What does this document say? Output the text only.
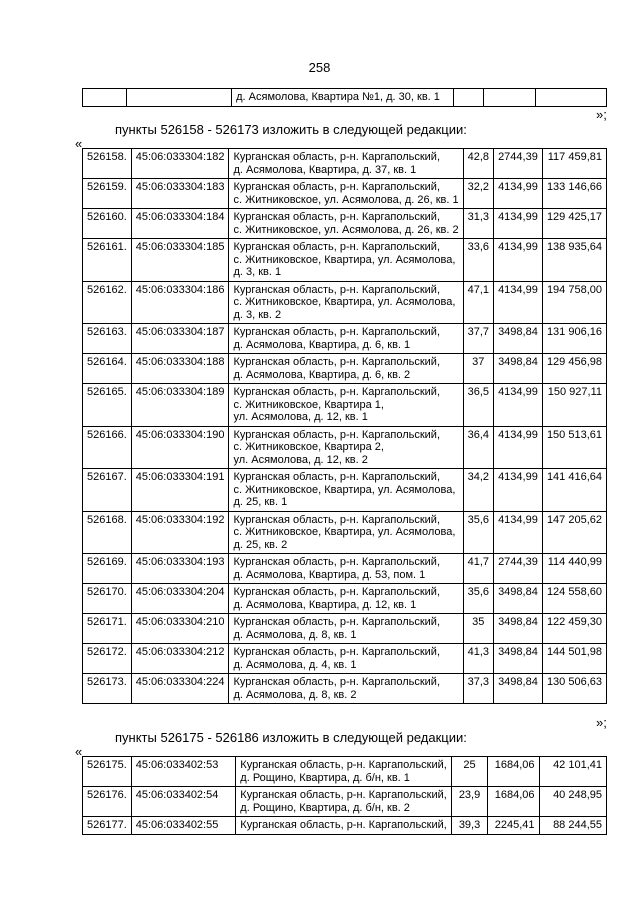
258
		д. Асямолова, Квартира №1, д. 30, кв. 1			
»;
пункты 526158 - 526173 изложить в следующей редакции:
«
526158.	45:06:033304:182	Курганская область, р-н. Каргапольский,
д. Асямолова, Квартира, д. 37, кв. 1	42,8	2744,39	117 459,81
526159.	45:06:033304:183	Курганская область, р-н. Каргапольский,
с. Житниковское, ул. Асямолова, д. 26, кв. 1	32,2	4134,99	133 146,66
526160.	45:06:033304:184	Курганская область, р-н. Каргапольский,
с. Житниковское, ул. Асямолова, д. 26, кв. 2	31,3	4134,99	129 425,17
526161.	45:06:033304:185	Курганская область, р-н. Каргапольский,
с. Житниковское, Квартира, ул. Асямолова,
д. 3, кв. 1	33,6	4134,99	138 935,64
526162.	45:06:033304:186	Курганская область, р-н. Каргапольский,
с. Житниковское, Квартира, ул. Асямолова,
д. 3, кв. 2	47,1	4134,99	194 758,00
526163.	45:06:033304:187	Курганская область, р-н. Каргапольский,
д. Асямолова, Квартира, д. 6, кв. 1	37,7	3498,84	131 906,16
526164.	45:06:033304:188	Курганская область, р-н. Каргапольский,
д. Асямолова, Квартира, д. 6, кв. 2	37	3498,84	129 456,98
526165.	45:06:033304:189	Курганская область, р-н. Каргапольский,
с. Житниковское, Квартира 1,
ул. Асямолова, д. 12, кв. 1	36,5	4134,99	150 927,11
526166.	45:06:033304:190	Курганская область, р-н. Каргапольский,
с. Житниковское, Квартира 2,
ул. Асямолова, д. 12, кв. 2	36,4	4134,99	150 513,61
526167.	45:06:033304:191	Курганская область, р-н. Каргапольский,
с. Житниковское, Квартира, ул. Асямолова,
д. 25, кв. 1	34,2	4134,99	141 416,64
526168.	45:06:033304:192	Курганская область, р-н. Каргапольский,
с. Житниковское, Квартира, ул. Асямолова,
д. 25, кв. 2	35,6	4134,99	147 205,62
526169.	45:06:033304:193	Курганская область, р-н. Каргапольский,
д. Асямолова, Квартира, д. 53, пом. 1	41,7	2744,39	114 440,99
526170.	45:06:033304:204	Курганская область, р-н. Каргапольский,
д. Асямолова, Квартира, д. 12, кв. 1	35,6	3498,84	124 558,60
526171.	45:06:033304:210	Курганская область, р-н. Каргапольский,
д. Асямолова, д. 8, кв. 1	35	3498,84	122 459,30
526172.	45:06:033304:212	Курганская область, р-н. Каргапольский,
д. Асямолова, д. 4, кв. 1	41,3	3498,84	144 501,98
526173.	45:06:033304:224	Курганская область, р-н. Каргапольский,
д. Асямолова, д. 8, кв. 2	37,3	3498,84	130 506,63
»;
пункты 526175 - 526186 изложить в следующей редакции:
«
526175.	45:06:033402:53	Курганская область, р-н. Каргапольский,
д. Рощино, Квартира, д. б/н, кв. 1	25	1684,06	42 101,41
526176.	45:06:033402:54	Курганская область, р-н. Каргапольский,
д. Рощино, Квартира, д. б/н, кв. 2	23,9	1684,06	40 248,95
526177.	45:06:033402:55	Курганская область, р-н. Каргапольский,	39,3	2245,41	88 244,55
